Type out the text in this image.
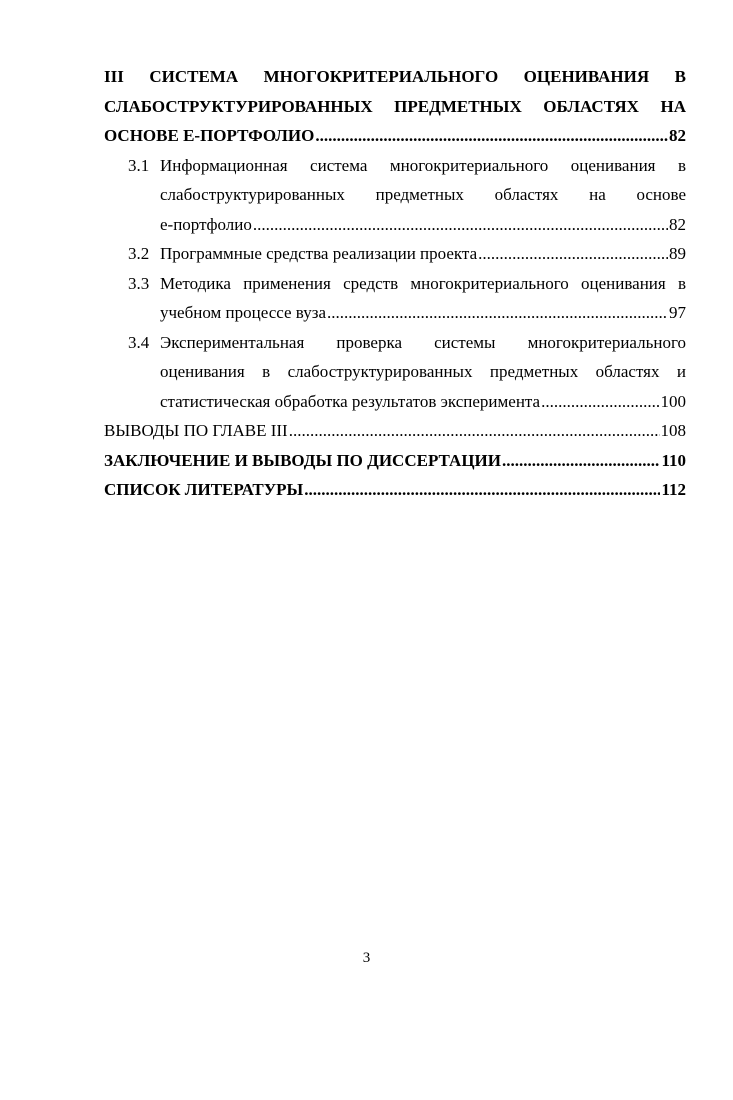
III СИСТЕМА МНОГОКРИТЕРИАЛЬНОГО ОЦЕНИВАНИЯ В
СЛАБОСТРУКТУРИРОВАННЫХ ПРЕДМЕТНЫХ ОБЛАСТЯХ НА
ОСНОВЕ Е-ПОРТФОЛИО .....	82
3.1 Информационная система многокритериального оценивания в
слабоструктурированных предметных областях на основе
е-портфолио .....	82
3.2 Программные средства реализации проекта .....	89
3.3 Методика применения средств многокритериального оценивания в
учебном процессе вуза .....	97
3.4 Экспериментальная проверка системы многокритериального
оценивания в слабоструктурированных предметных областях и
статистическая обработка результатов эксперимента .....	100
ВЫВОДЫ ПО ГЛАВЕ III .....	108
ЗАКЛЮЧЕНИЕ И ВЫВОДЫ ПО ДИССЕРТАЦИИ .....	110
СПИСОК ЛИТЕРАТУРЫ .....	112
3
